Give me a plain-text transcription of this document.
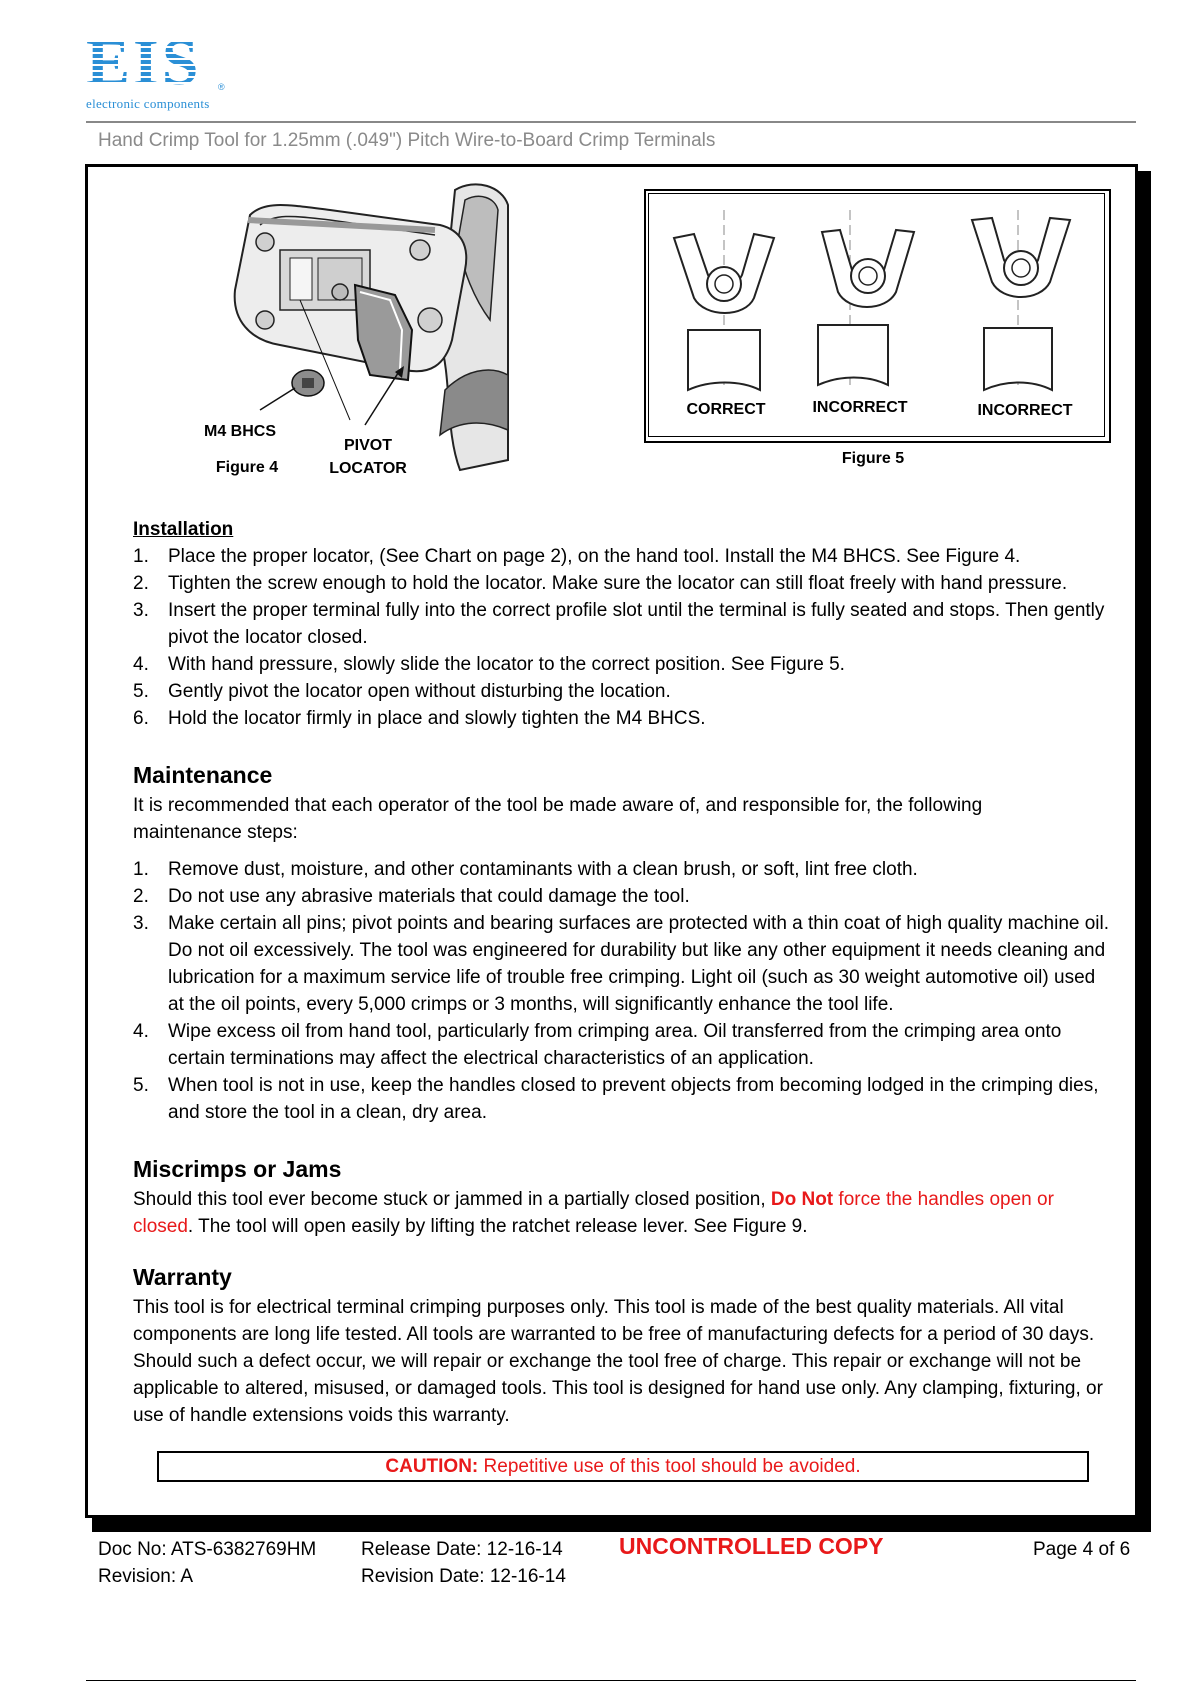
EIS	®
electronic components
Hand Crimp Tool for 1.25mm (.049") Pitch Wire-to-Board Crimp Terminals
M4 BHCS
PIVOT
LOCATOR
Figure 4
CORRECT	INCORRECT	INCORRECT
Figure 5
Installation
1. Place the proper locator, (See Chart on page 2), on the hand tool. Install the M4 BHCS. See Figure 4.
2. Tighten the screw enough to hold the locator. Make sure the locator can still float freely with hand pressure.
3. Insert the proper terminal fully into the correct profile slot until the terminal is fully seated and stops. Then gently pivot the locator closed.
4. With hand pressure, slowly slide the locator to the correct position. See Figure 5.
5. Gently pivot the locator open without disturbing the location.
6. Hold the locator firmly in place and slowly tighten the M4 BHCS.
Maintenance
It is recommended that each operator of the tool be made aware of, and responsible for, the following maintenance steps:
1. Remove dust, moisture, and other contaminants with a clean brush, or soft, lint free cloth.
2. Do not use any abrasive materials that could damage the tool.
3. Make certain all pins; pivot points and bearing surfaces are protected with a thin coat of high quality machine oil. Do not oil excessively. The tool was engineered for durability but like any other equipment it needs cleaning and lubrication for a maximum service life of trouble free crimping. Light oil (such as 30 weight automotive oil) used at the oil points, every 5,000 crimps or 3 months, will significantly enhance the tool life.
4. Wipe excess oil from hand tool, particularly from crimping area. Oil transferred from the crimping area onto certain terminations may affect the electrical characteristics of an application.
5. When tool is not in use, keep the handles closed to prevent objects from becoming lodged in the crimping dies, and store the tool in a clean, dry area.
Miscrimps or Jams
Should this tool ever become stuck or jammed in a partially closed position, Do Not force the handles open or closed. The tool will open easily by lifting the ratchet release lever. See Figure 9.
Warranty
This tool is for electrical terminal crimping purposes only. This tool is made of the best quality materials. All vital components are long life tested. All tools are warranted to be free of manufacturing defects for a period of 30 days. Should such a defect occur, we will repair or exchange the tool free of charge. This repair or exchange will not be applicable to altered, misused, or damaged tools. This tool is designed for hand use only. Any clamping, fixturing, or use of handle extensions voids this warranty.
CAUTION: Repetitive use of this tool should be avoided.
Doc No: ATS-6382769HM
Revision: A
Release Date: 12-16-14
Revision Date: 12-16-14
UNCONTROLLED COPY	Page 4 of 6
